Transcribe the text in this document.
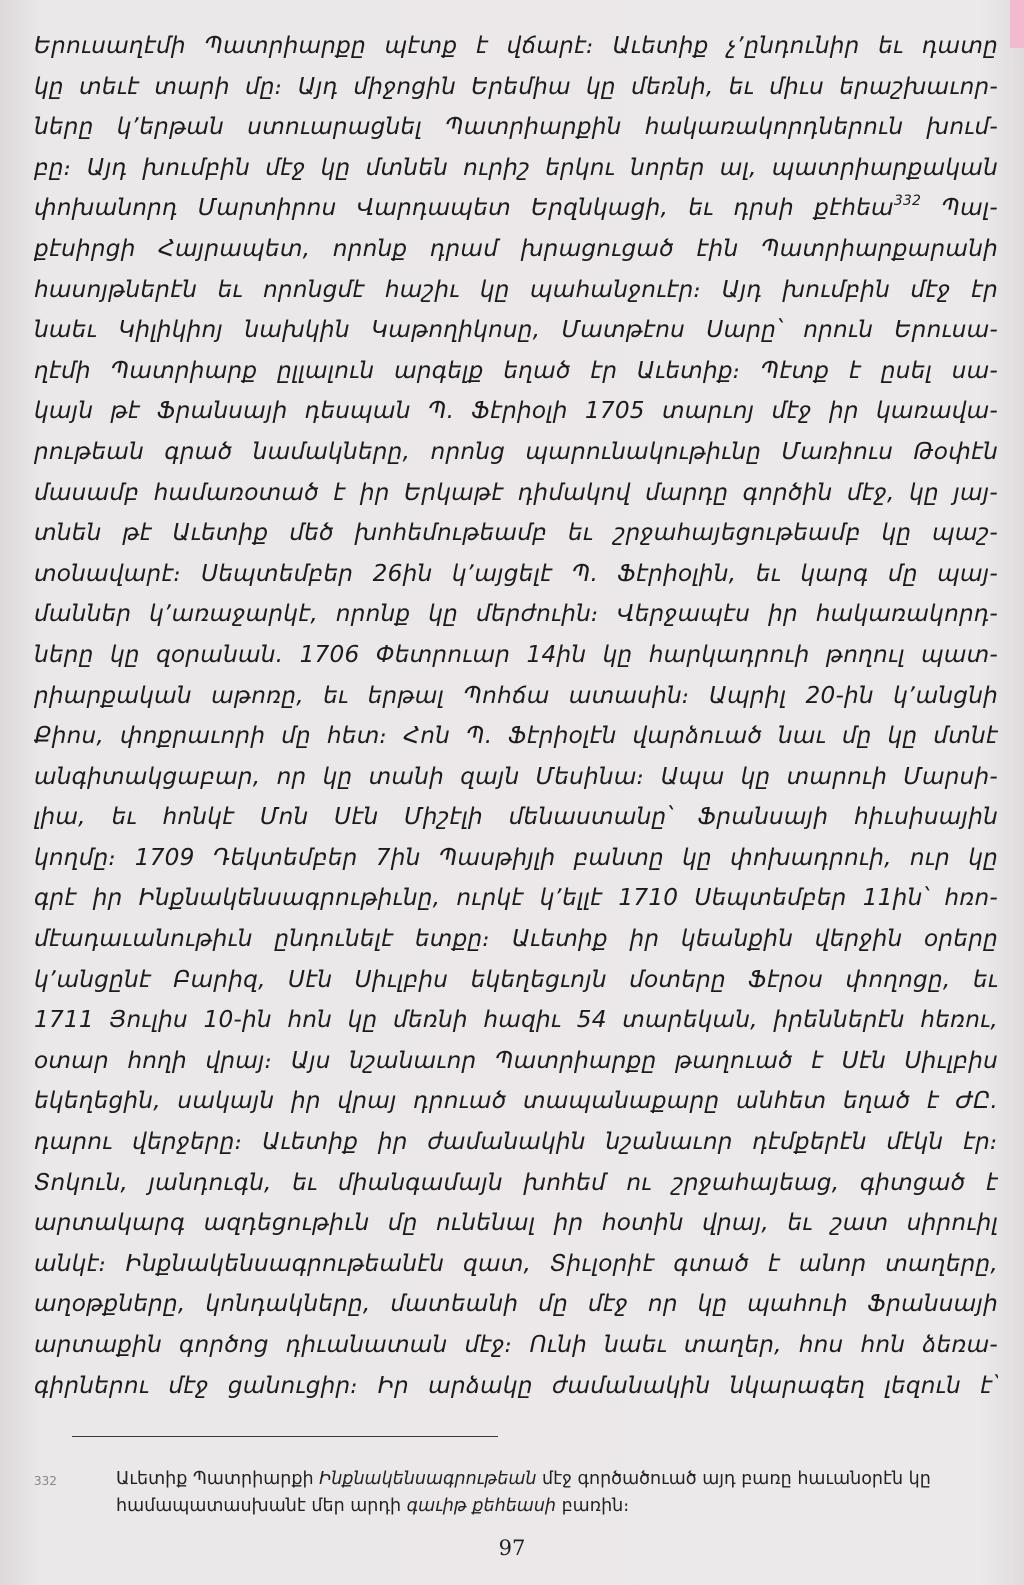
Երուսաղէմի Պատրիարքը պէտք է վճարէ։ Աւետիք չ՚ընդունիր եւ դատը
կը տեւէ տարի մը։ Այդ միջոցին Երեմիա կը մեռնի, եւ միւս երաշխաւոր-
ները կ՚երթան ստուարացնել Պատրիարքին հակառակորդներուն խում-
բը։ Այդ խումբին մէջ կը մտնեն ուրիշ երկու նորեր ալ, պատրիարքական
փոխանորդ Մարտիրոս Վարդապետ Երզնկացի, եւ դրսի քէհեա$^{332}$ Պալ-
քէսիրցի Հայրապետ, որոնք դրամ խրացուցած էին Պատրիարքարանի
հասոյթներէն եւ որոնցմէ հաշիւ կը պահանջուէր։ Այդ խումբին մէջ էր
նաեւ Կիլիկիոյ նախկին Կաթողիկոսը, Մատթէոս Սարը՝ որուն Երուսա-
ղէմի Պատրիարք ըլլալուն արգելք եղած էր Աւետիք։ Պէտք է ըսել սա-
կայն թէ Ֆրանսայի դեսպան Պ. Ֆէրիօլի 1705 տարւոյ մէջ իր կառավա-
րութեան գրած նամակները, որոնց պարունակութիւնը Մառիուս Թօփէն
մասամբ համառօտած է իր Երկաթէ դիմակով մարդը գործին մէջ, կը յայ-
տնեն թէ Աւետիք մեծ խոհեմութեամբ եւ շրջահայեցութեամբ կը պաշ-
տօնավարէ։ Սեպտեմբեր 26ին կ՚այցելէ Պ. Ֆէրիօլին, եւ կարգ մը պայ-
մաններ կ՚առաջարկէ, որոնք կը մերժուին։ Վերջապէս իր հակառակորդ-
ները կը զօրանան. 1706 Փետրուար 14ին կը հարկադրուի թողուլ պատ-
րիարքական աթոռը, եւ երթալ Պոհճա ատասին։ Ապրիլ 20-ին կ՚անցնի
Քիոս, փոքրաւորի մը հետ։ Հոն Պ. Ֆէրիօլէն վարձուած նաւ մը կը մտնէ
անգիտակցաբար, որ կը տանի զայն Մեսինա։ Ապա կը տարուի Մարսի-
լիա, եւ հոնկէ Մոն Սէն Միշէլի մենաստանը՝ Ֆրանսայի հիւսիսային
կողմը։ 1709 Դեկտեմբեր 7ին Պասթիյլի բանտը կը փոխադրուի, ուր կը
գրէ իր Ինքնակենսագրութիւնը, ուրկէ կ՚ելլէ 1710 Սեպտեմբեր 11ին՝ հռո-
մէադաւանութիւն ընդունելէ ետքը։ Աւետիք իր կեանքին վերջին օրերը
կ՚անցընէ Բարիզ, Սէն Սիւլբիս եկեղեցւոյն մօտերը Ֆէրօս փողոցը, եւ
1711 Յուլիս 10-ին հոն կը մեռնի հազիւ 54 տարեկան, իրեններէն հեռու,
օտար հողի վրայ։ Այս նշանաւոր Պատրիարքը թաղուած է Սէն Սիւլբիս
եկեղեցին, սակայն իր վրայ դրուած տապանաքարը անհետ եղած է ԺԸ.
դարու վերջերը։ Աւետիք իր ժամանակին նշանաւոր դէմքերէն մէկն էր։
Տոկուն, յանդուգն, եւ միանգամայն խոհեմ ու շրջահայեաց, գիտցած է
արտակարգ ազդեցութիւն մը ունենալ իր հօտին վրայ, եւ շատ սիրուիլ
անկէ։ Ինքնակենսագրութեանէն զատ, Տիւլօրիէ գտած է անոր տաղերը,
աղօթքները, կոնդակները, մատեանի մը մէջ որ կը պահուի Ֆրանսայի
արտաքին գործոց դիւանատան մէջ։ Ունի նաեւ տաղեր, հոս հոն ձեռա-
գիրներու մէջ ցանուցիր։ Իր արձակը ժամանակին նկարագեղ լեզուն է՝
332	Աւետիք Պատրիարքի Ինքնակենսագրութեան մէջ գործածուած այդ բառը հաւանօրէն կը համապատասխանէ մեր արդի գաւիթ քեհեասի բառին։
97
